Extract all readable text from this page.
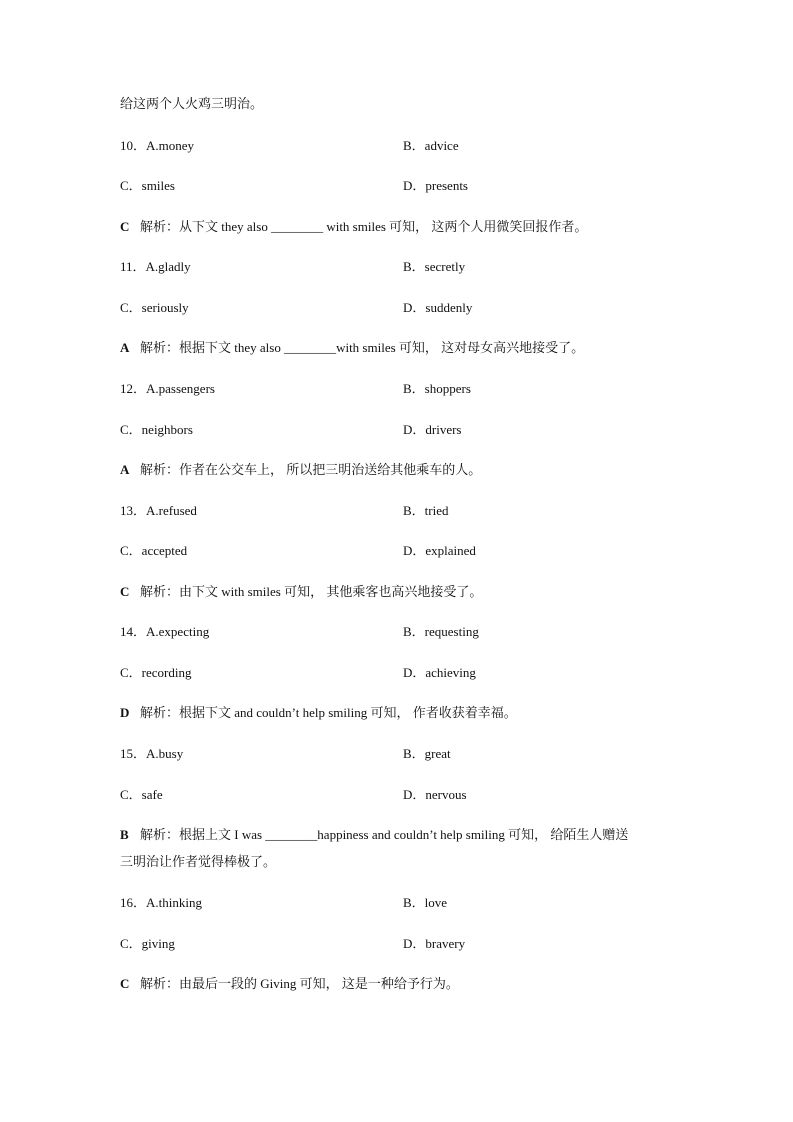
给这两个人火鸡三明治。
10．A.money	B．advice
C．smiles	D．presents
C 解析：从下文 they also ________ with smiles 可知， 这两个人用微笑回报作者。
11．A.gladly	B．secretly
C．seriously	D．suddenly
A 解析：根据下文 they also ________with smiles 可知， 这对母女高兴地接受了。
12．A.passengers	B．shoppers
C．neighbors	D．drivers
A 解析：作者在公交车上， 所以把三明治送给其他乘车的人。
13．A.refused	B．tried
C．accepted	D．explained
C 解析：由下文 with smiles 可知， 其他乘客也高兴地接受了。
14．A.expecting	B．requesting
C．recording	D．achieving
D 解析：根据下文 and couldn’t help smiling 可知， 作者收获着幸福。
15．A.busy	B．great
C．safe	D．nervous
B 解析：根据上文 I was ________happiness and couldn’t help smiling 可知， 给陌生人赠送
三明治让作者觉得棒极了。
16．A.thinking	B．love
C．giving	D．bravery
C 解析：由最后一段的 Giving 可知， 这是一种给予行为。
